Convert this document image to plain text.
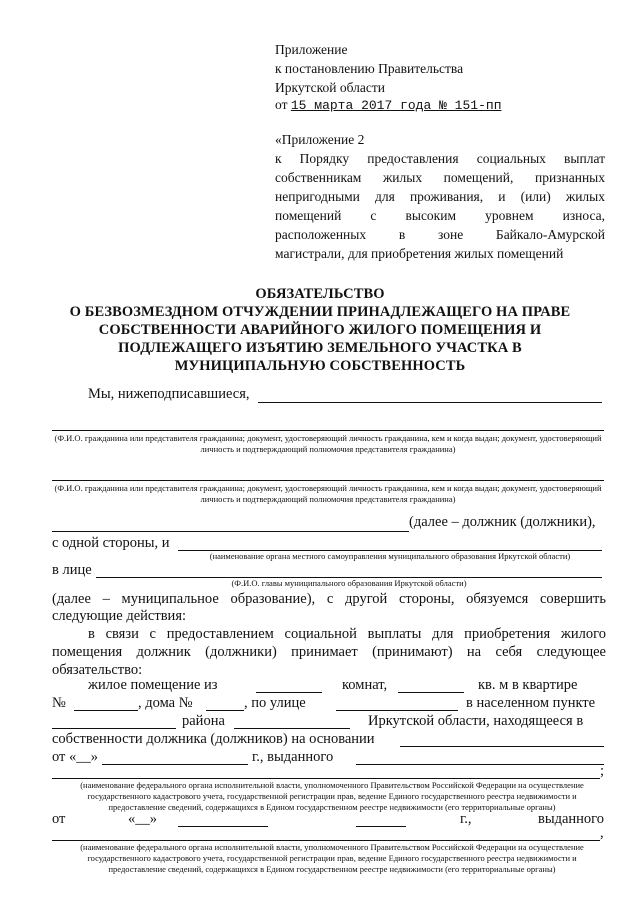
Приложение
к постановлению Правительства
Иркутской области
от 15 марта 2017 года № 151-пп
«Приложение 2
к Порядку предоставления социальных выплат
собственникам жилых помещений, признанных
непригодными для проживания, и (или) жилых
помещений с высоким уровнем износа,
расположенных в зоне Байкало-Амурской
магистрали, для приобретения жилых помещений
ОБЯЗАТЕЛЬСТВО
О БЕЗВОЗМЕЗДНОМ ОТЧУЖДЕНИИ ПРИНАДЛЕЖАЩЕГО НА ПРАВЕ
СОБСТВЕННОСТИ АВАРИЙНОГО ЖИЛОГО ПОМЕЩЕНИЯ И
ПОДЛЕЖАЩЕГО ИЗЪЯТИЮ ЗЕМЕЛЬНОГО УЧАСТКА В
МУНИЦИПАЛЬНУЮ СОБСТВЕННОСТЬ
Мы, нижеподписавшиеся,
(Ф.И.О. гражданина или представителя гражданина; документ, удостоверяющий личность гражданина, кем и когда выдан; документ, удостоверяющий личность и подтверждающий полномочия представителя гражданина)
(Ф.И.О. гражданина или представителя гражданина; документ, удостоверяющий личность гражданина, кем и когда выдан; документ, удостоверяющий личность и подтверждающий полномочия представителя гражданина)
(далее – должник (должники),
с одной стороны, и
(наименование органа местного самоуправления муниципального образования Иркутской области)
в лице
(Ф.И.О. главы муниципального образования Иркутской области)
(далее – муниципальное образование), с другой стороны, обязуемся совершить
следующие действия:
в связи с предоставлением социальной выплаты для приобретения жилого
помещения должник (должники) принимает (принимают) на себя следующее
обязательство:
жилое помещение из	комнат,	кв. м в квартире
№	, дома №	, по улице	в населенном пункте
района	Иркутской области, находящееся в
собственности должника (должников) на основании
от «__»	г., выданного
;
(наименование федерального органа исполнительной власти, уполномоченного Правительством Российской Федерации на осуществление государственного кадастрового учета, государственной регистрации прав, ведение Единого государственного реестра недвижимости и предоставление сведений, содержащихся в Едином государственном реестре недвижимости (его территориальные органы)
от	«__»	г.,	выданного
,
(наименование федерального органа исполнительной власти, уполномоченного Правительством Российской Федерации на осуществление государственного кадастрового учета, государственной регистрации прав, ведение Единого государственного реестра недвижимости и предоставление сведений, содержащихся в Едином государственном реестре недвижимости (его территориальные органы)
